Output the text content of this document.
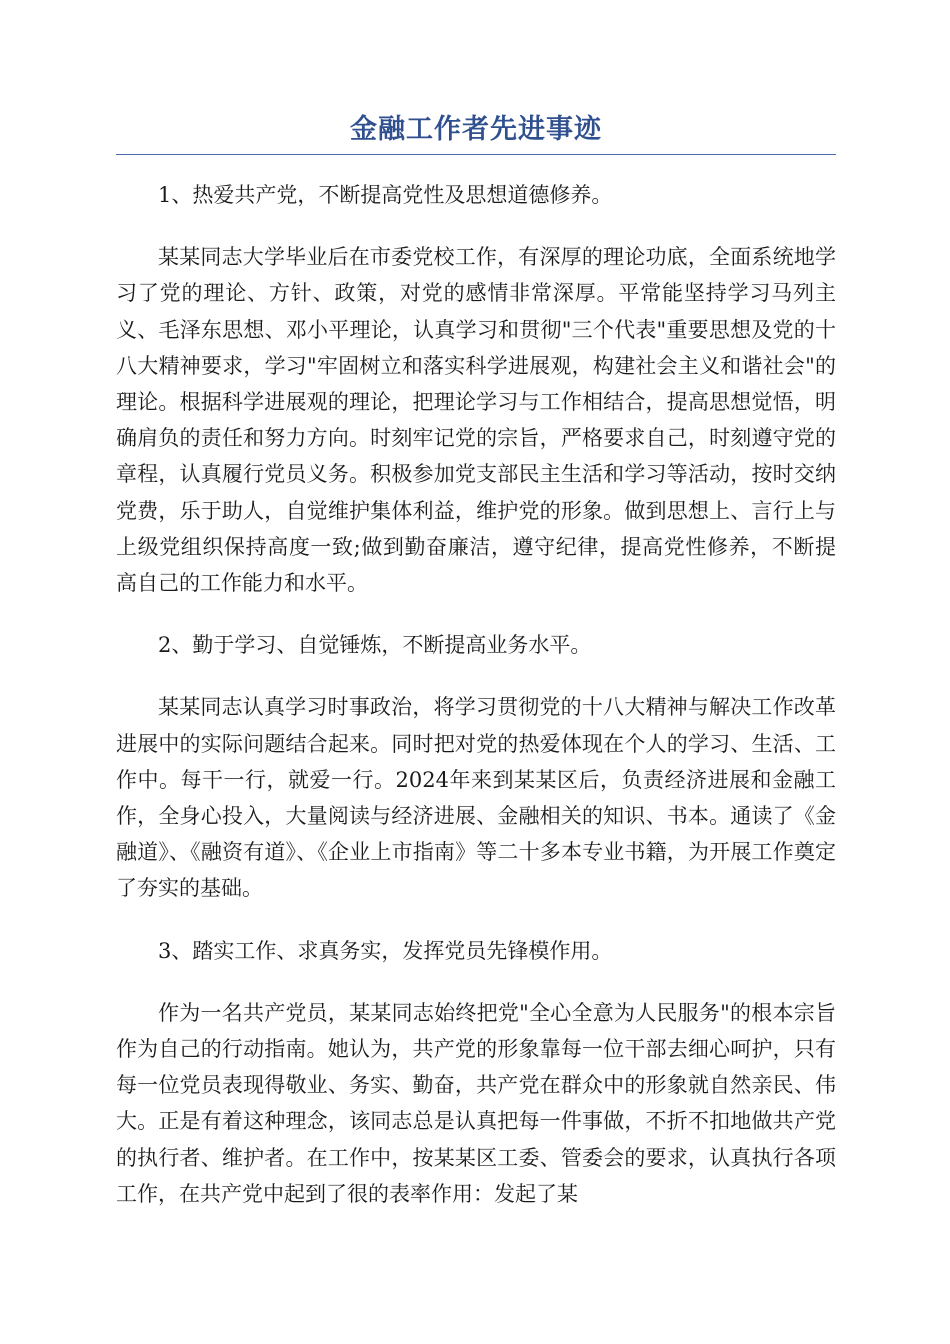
金融工作者先进事迹

1、热爱共产党，不断提高党性及思想道德修养。

某某同志大学毕业后在市委党校工作，有深厚的理论功底，全面系统地学习了党的理论、方针、政策，对党的感情非常深厚。平常能坚持学习马列主义、毛泽东思想、邓小平理论，认真学习和贯彻"三个代表"重要思想及党的十八大精神要求，学习"牢固树立和落实科学进展观，构建社会主义和谐社会"的理论。根据科学进展观的理论，把理论学习与工作相结合，提高思想觉悟，明确肩负的责任和努力方向。时刻牢记党的宗旨，严格要求自己，时刻遵守党的章程，认真履行党员义务。积极参加党支部民主生活和学习等活动，按时交纳党费，乐于助人，自觉维护集体利益，维护党的形象。做到思想上、言行上与上级党组织保持高度一致;做到勤奋廉洁，遵守纪律，提高党性修养，不断提高自己的工作能力和水平。

2、勤于学习、自觉锤炼，不断提高业务水平。

某某同志认真学习时事政治，将学习贯彻党的十八大精神与解决工作改革进展中的实际问题结合起来。同时把对党的热爱体现在个人的学习、生活、工作中。每干一行，就爱一行。2024年来到某某区后，负责经济进展和金融工作，全身心投入，大量阅读与经济进展、金融相关的知识、书本。通读了《金融道》、《融资有道》、《企业上市指南》等二十多本专业书籍，为开展工作奠定了夯实的基础。

3、踏实工作、求真务实，发挥党员先锋模作用。

作为一名共产党员，某某同志始终把党"全心全意为人民服务"的根本宗旨作为自己的行动指南。她认为，共产党的形象靠每一位干部去细心呵护，只有每一位党员表现得敬业、务实、勤奋，共产党在群众中的形象就自然亲民、伟大。正是有着这种理念，该同志总是认真把每一件事做，不折不扣地做共产党的执行者、维护者。在工作中，按某某区工委、管委会的要求，认真执行各项工作，在共产党中起到了很的表率作用：发起了某
